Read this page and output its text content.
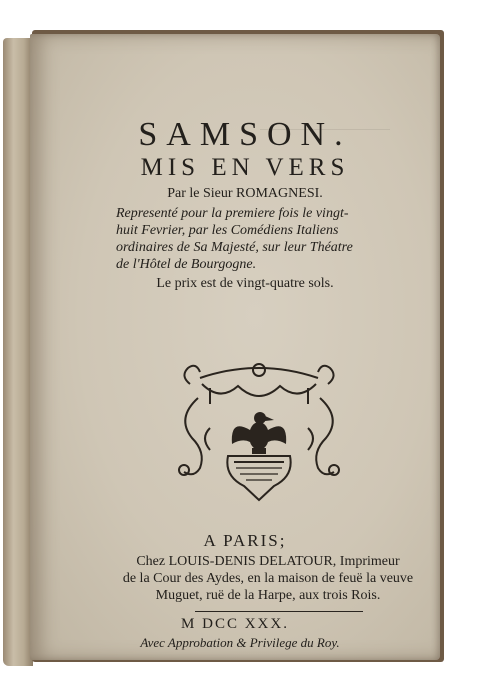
SAMSON.
MIS EN VERS
Par le Sieur ROMAGNESI.
Representé pour la premiere fois le vingt-
huit Fevrier, par les Comédiens Italiens
ordinaires de Sa Majesté, sur leur Théatre
de l'Hôtel de Bourgogne.
Le prix est de vingt-quatre sols.
A PARIS;
Chez LOUIS-DENIS DELATOUR, Imprimeur
de la Cour des Aydes, en la maison de feuë la veuve
Muguet, ruë de la Harpe, aux trois Rois.
M DCC XXX.
Avec Approbation & Privilege du Roy.
